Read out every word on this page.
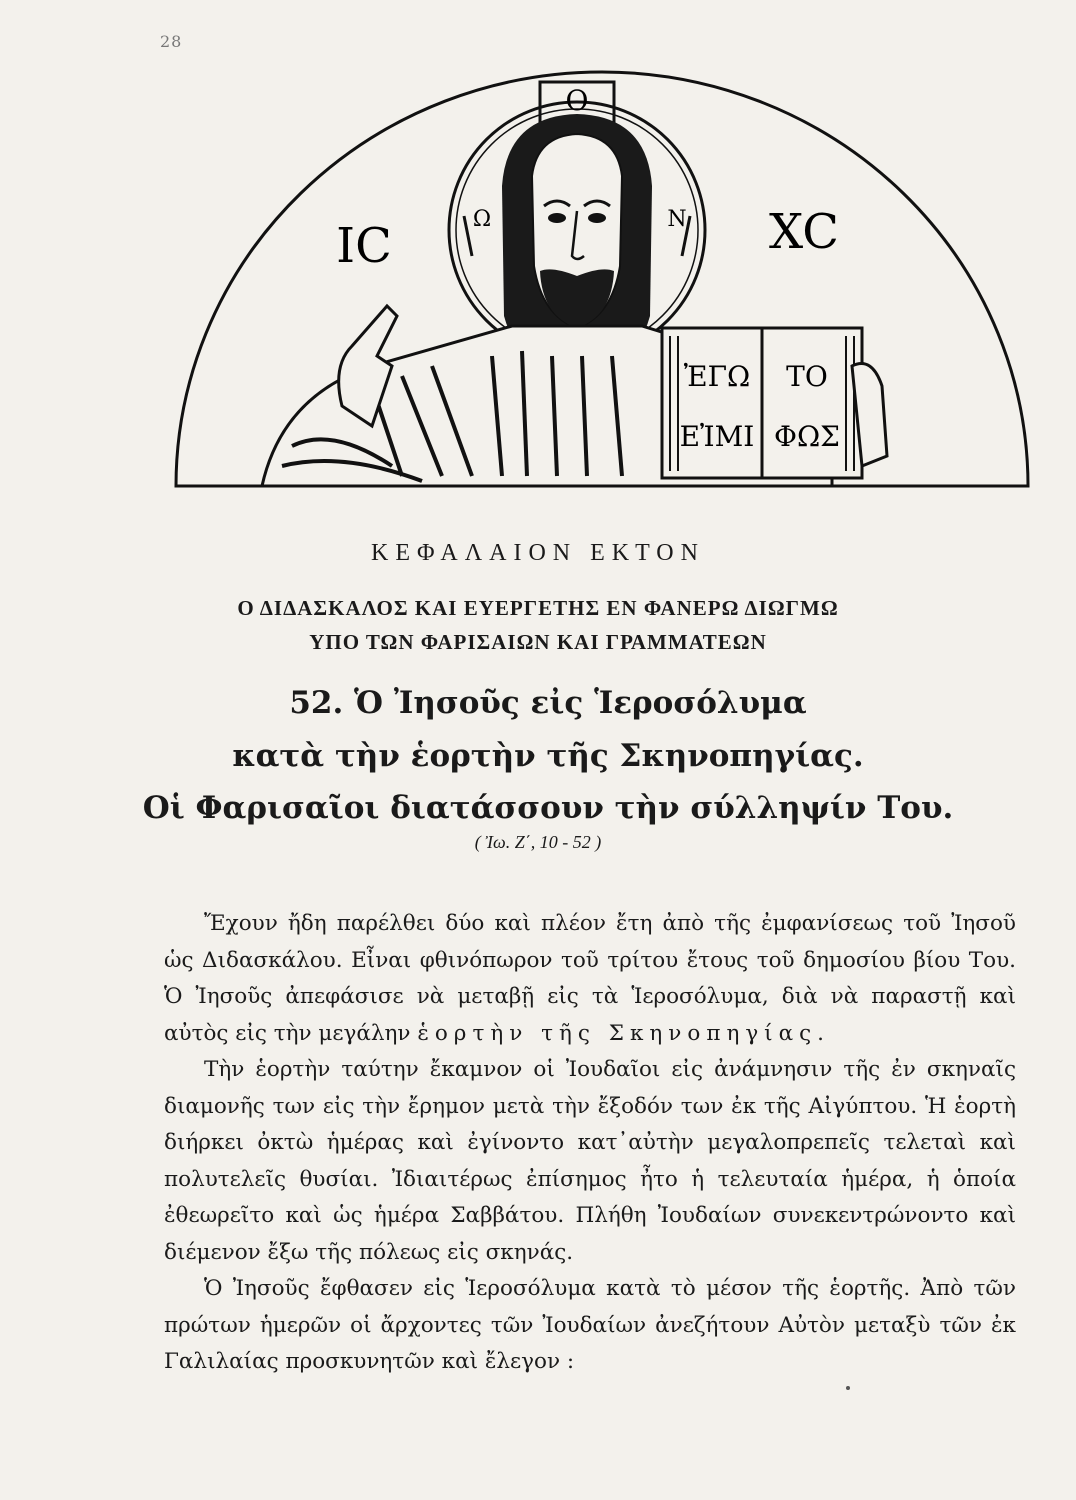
28
Ο
Ω	Ν
IC	XC
ἘΓΩ ΤΟ
ΕἸΜΙ ΦΩΣ
ΚΕΦΑΛΑΙΟΝ ΕΚΤΟΝ
Ο ΔΙΔΑΣΚΑΛΟΣ ΚΑΙ ΕΥΕΡΓΕΤΗΣ ΕΝ ΦΑΝΕΡΩ ΔΙΩΓΜΩ
ΥΠΟ ΤΩΝ ΦΑΡΙΣΑΙΩΝ ΚΑΙ ΓΡΑΜΜΑΤΕΩΝ
52. Ὁ Ἰησοῦς εἰς Ἱεροσόλυμα
κατὰ τὴν ἑορτὴν τῆς Σκηνοπηγίας.
Οἱ Φαρισαῖοι διατάσσουν τὴν σύλληψίν Του.
( Ἰω. Ζ΄, 10 - 52 )

Ἔχουν ἤδη παρέλθει δύο καὶ πλέον ἔτη ἀπὸ τῆς ἐμφανίσεως τοῦ Ἰησοῦ ὡς Διδασκάλου. Εἶναι φθινόπωρον τοῦ τρίτου ἔτους τοῦ δημοσίου βίου Του. Ὁ Ἰησοῦς ἀπεφάσισε νὰ μεταβῇ εἰς τὰ Ἱεροσόλυμα, διὰ νὰ παραστῇ καὶ αὐτὸς εἰς τὴν μεγάλην ἑορτὴν τῆς Σκηνοπηγίας.

Τὴν ἑορτὴν ταύτην ἔκαμνον οἱ Ἰουδαῖοι εἰς ἀνάμνησιν τῆς ἐν σκηναῖς διαμονῆς των εἰς τὴν ἔρημον μετὰ τὴν ἔξοδόν των ἐκ τῆς Αἰγύπτου. Ἡ ἑορτὴ διήρκει ὀκτὼ ἡμέρας καὶ ἐγίνοντο κατ᾽αὐτὴν μεγαλοπρεπεῖς τελεταὶ καὶ πολυτελεῖς θυσίαι. Ἰδιαιτέρως ἐπίσημος ἦτο ἡ τελευταία ἡμέρα, ἡ ὁποία ἐθεωρεῖτο καὶ ὡς ἡμέρα Σαββάτου. Πλήθη Ἰουδαίων συνεκεντρώνοντο καὶ διέμενον ἔξω τῆς πόλεως εἰς σκηνάς.

Ὁ Ἰησοῦς ἔφθασεν εἰς Ἱεροσόλυμα κατὰ τὸ μέσον τῆς ἑορτῆς. Ἀπὸ τῶν πρώτων ἡμερῶν οἱ ἄρχοντες τῶν Ἰουδαίων ἀνεζήτουν Αὐτὸν μεταξὺ τῶν ἐκ Γαλιλαίας προσκυνητῶν καὶ ἔλεγον :
